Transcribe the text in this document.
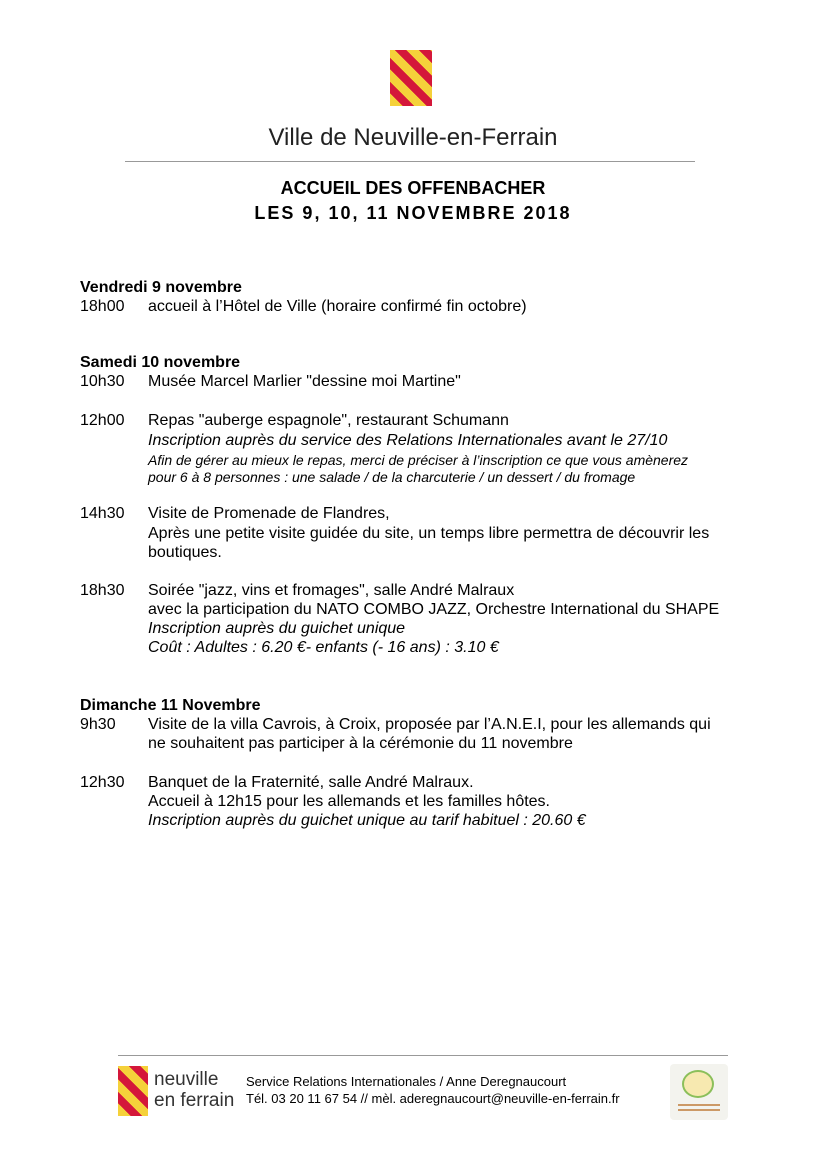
Ville de Neuville-en-Ferrain
ACCUEIL DES OFFENBACHER
LES 9, 10, 11 NOVEMBRE 2018
Vendredi 9 novembre
18h00 accueil à l’Hôtel de Ville (horaire confirmé fin octobre)
Samedi 10 novembre
10h30 Musée Marcel Marlier "dessine moi Martine"
12h00 Repas "auberge espagnole", restaurant Schumann
Inscription auprès du service des Relations Internationales avant le 27/10
Afin de gérer au mieux le repas, merci de préciser à l’inscription ce que vous amènerez
pour 6 à 8 personnes : une salade / de la charcuterie / un dessert / du fromage
14h30 Visite de Promenade de Flandres,
Après une petite visite guidée du site, un temps libre permettra de découvrir les
boutiques.
18h30 Soirée "jazz, vins et fromages", salle André Malraux
avec la participation du NATO COMBO JAZZ, Orchestre International du SHAPE
Inscription auprès du guichet unique
Coût : Adultes : 6.20 €- enfants (- 16 ans) : 3.10 €
Dimanche 11 Novembre
9h30 Visite de la villa Cavrois, à Croix, proposée par l’A.N.E.I, pour les allemands qui
ne souhaitent pas participer à la cérémonie du 11 novembre
12h30 Banquet de la Fraternité, salle André Malraux.
Accueil à 12h15 pour les allemands et les familles hôtes.
Inscription auprès du guichet unique au tarif habituel : 20.60 €
neuville
en ferrain
Service Relations Internationales / Anne Deregnaucourt
Tél. 03 20 11 67 54 // mèl. aderegnaucourt@neuville-en-ferrain.fr
